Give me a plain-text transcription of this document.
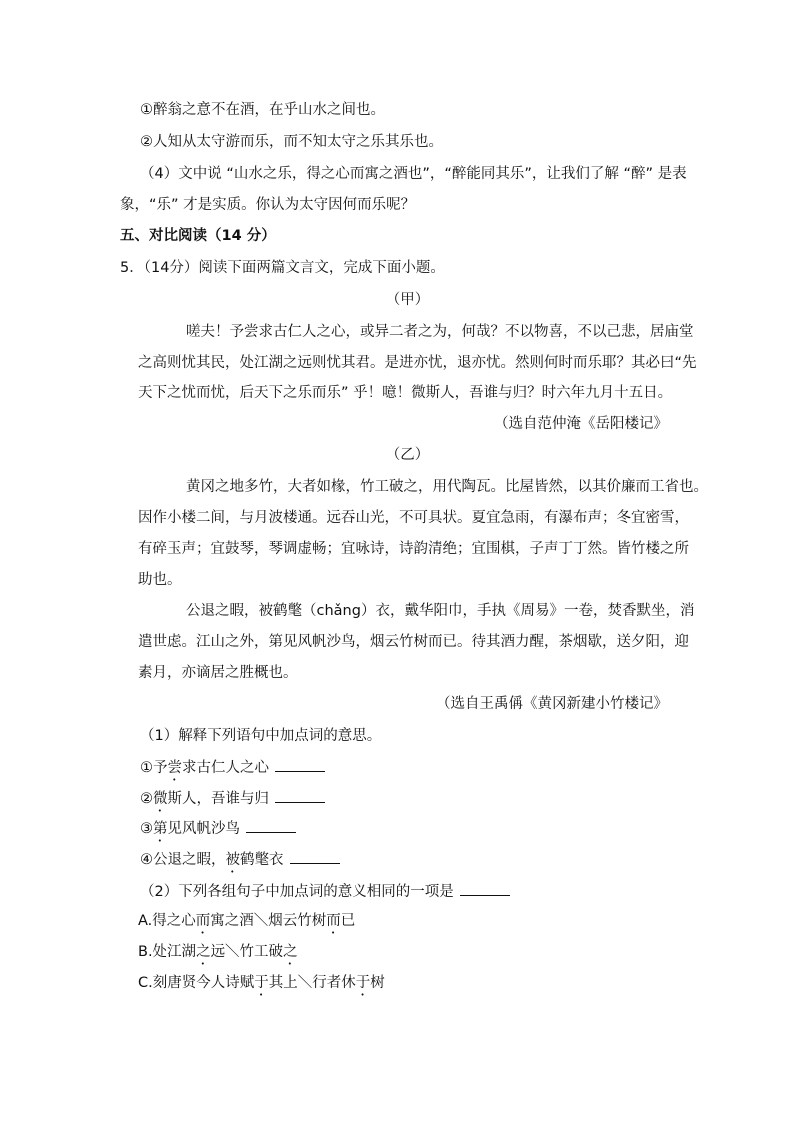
①醉翁之意不在酒，在乎山水之间也。
②人知从太守游而乐，而不知太守之乐其乐也。
（4）文中说 “山水之乐，得之心而寓之酒也”，“醉能同其乐”，让我们了解 “醉” 是表
象，“乐” 才是实质。你认为太守因何而乐呢？
五、对比阅读（14 分）
5．（14分）阅读下面两篇文言文，完成下面小题。
（甲）
嗟夫！予尝求古仁人之心，或异二者之为，何哉？不以物喜，不以己悲，居庙堂
之高则忧其民，处江湖之远则忧其君。是进亦忧，退亦忧。然则何时而乐耶？其必曰“先
天下之忧而忧，后天下之乐而乐” 乎！噫！微斯人，吾谁与归？时六年九月十五日。
（选自范仲淹《岳阳楼记》
（乙）
黄冈之地多竹，大者如椽，竹工破之，用代陶瓦。比屋皆然，以其价廉而工省也。
因作小楼二间，与月波楼通。远吞山光，不可具状。夏宜急雨，有瀑布声；冬宜密雪，
有碎玉声；宜鼓琴，琴调虚畅；宜咏诗，诗韵清绝；宜围棋，子声丁丁然。皆竹楼之所
助也。
公退之暇，被鹤氅（chǎng）衣，戴华阳巾，手执《周易》一卷，焚香默坐，消
遣世虑。江山之外，第见风帆沙鸟，烟云竹树而已。待其酒力醒，茶烟歇，送夕阳，迎
素月，亦谪居之胜概也。
（选自王禹偁《黄冈新建小竹楼记》
（1）解释下列语句中加点词的意思。
①予尝求古仁人之心
②微斯人，吾谁与归
③第见风帆沙鸟
④公退之暇，被鹤氅衣
（2）下列各组句子中加点词的意义相同的一项是
A.得之心而寓之酒＼烟云竹树而已
B.处江湖之远＼竹工破之
C.刻唐贤今人诗赋于其上＼行者休于树
